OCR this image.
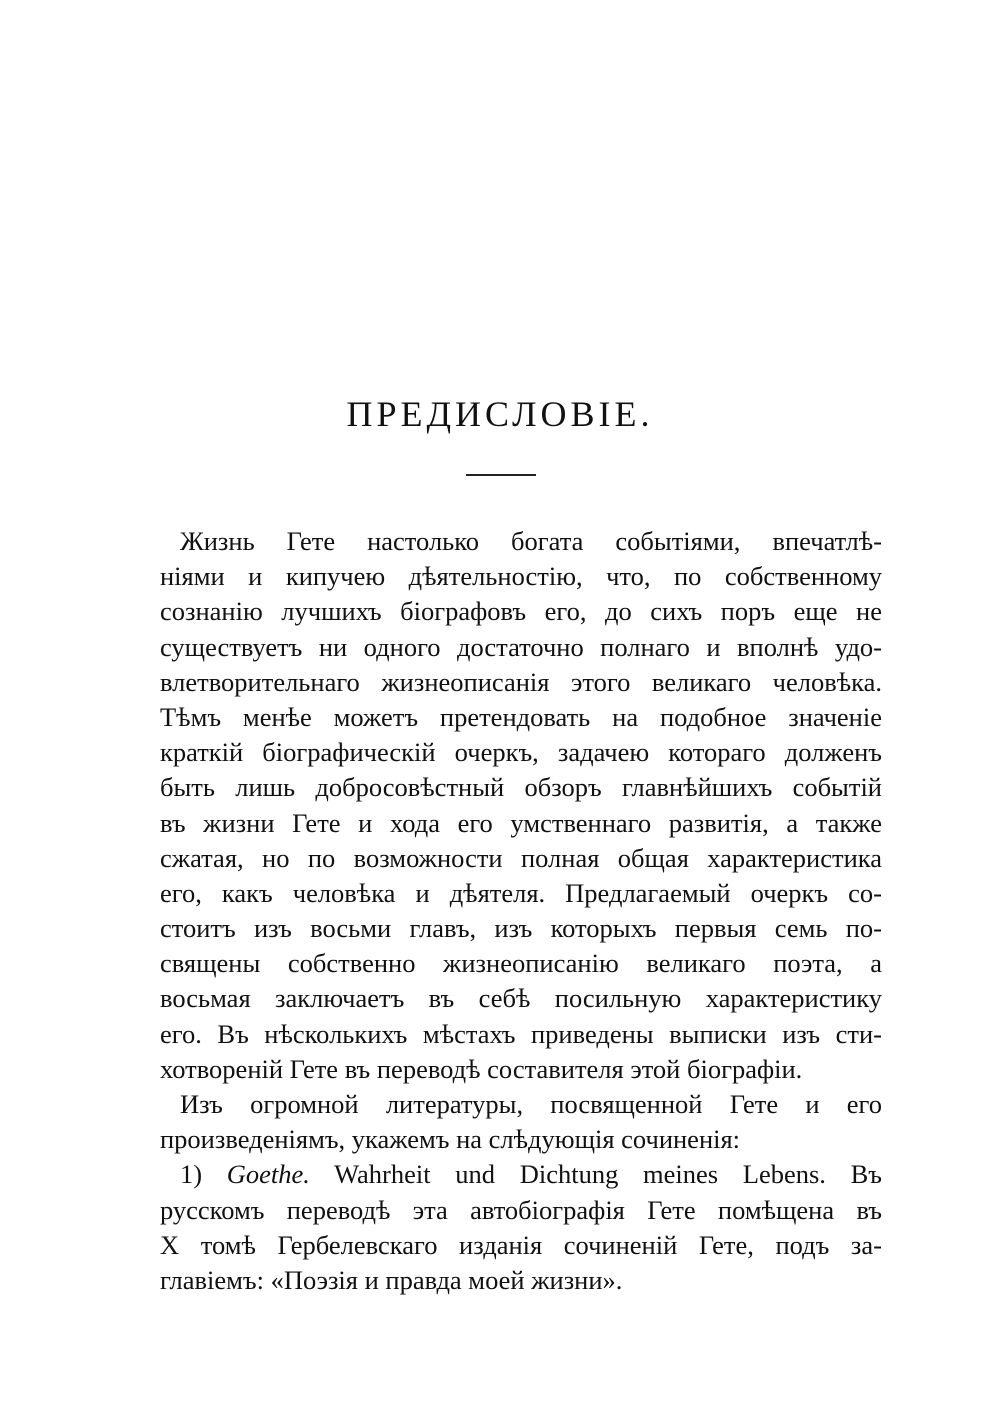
ПРЕДИСЛОВІЕ.
Жизнь Гете настолько богата событіями, впечатлѣ-
ніями и кипучею дѣятельностію, что, по собственному
сознанію лучшихъ біографовъ его, до сихъ поръ еще не
существуетъ ни одного достаточно полнаго и вполнѣ удо-
влетворительнаго жизнеописанія этого великаго человѣка.
Тѣмъ менѣе можетъ претендовать на подобное значеніе
краткій біографическій очеркъ, задачею котораго долженъ
быть лишь добросовѣстный обзоръ главнѣйшихъ событій
въ жизни Гете и хода его умственнаго развитія, а также
сжатая, но по возможности полная общая характеристика
его, какъ человѣка и дѣятеля. Предлагаемый очеркъ со-
стоитъ изъ восьми главъ, изъ которыхъ первыя семь по-
священы собственно жизнеописанію великаго поэта, а
восьмая заключаетъ въ себѣ посильную характеристику
его. Въ нѣсколькихъ мѣстахъ приведены выписки изъ сти-
хотвореній Гете въ переводѣ составителя этой біографіи.
Изъ огромной литературы, посвященной Гете и его
произведеніямъ, укажемъ на слѣдующія сочиненія:
1) Goethe. Wahrheit und Dichtung meines Lebens. Въ
русскомъ переводѣ эта автобіографія Гете помѣщена въ
X томѣ Гербелевскаго изданія сочиненій Гете, подъ за-
главіемъ: «Поэзія и правда моей жизни».
